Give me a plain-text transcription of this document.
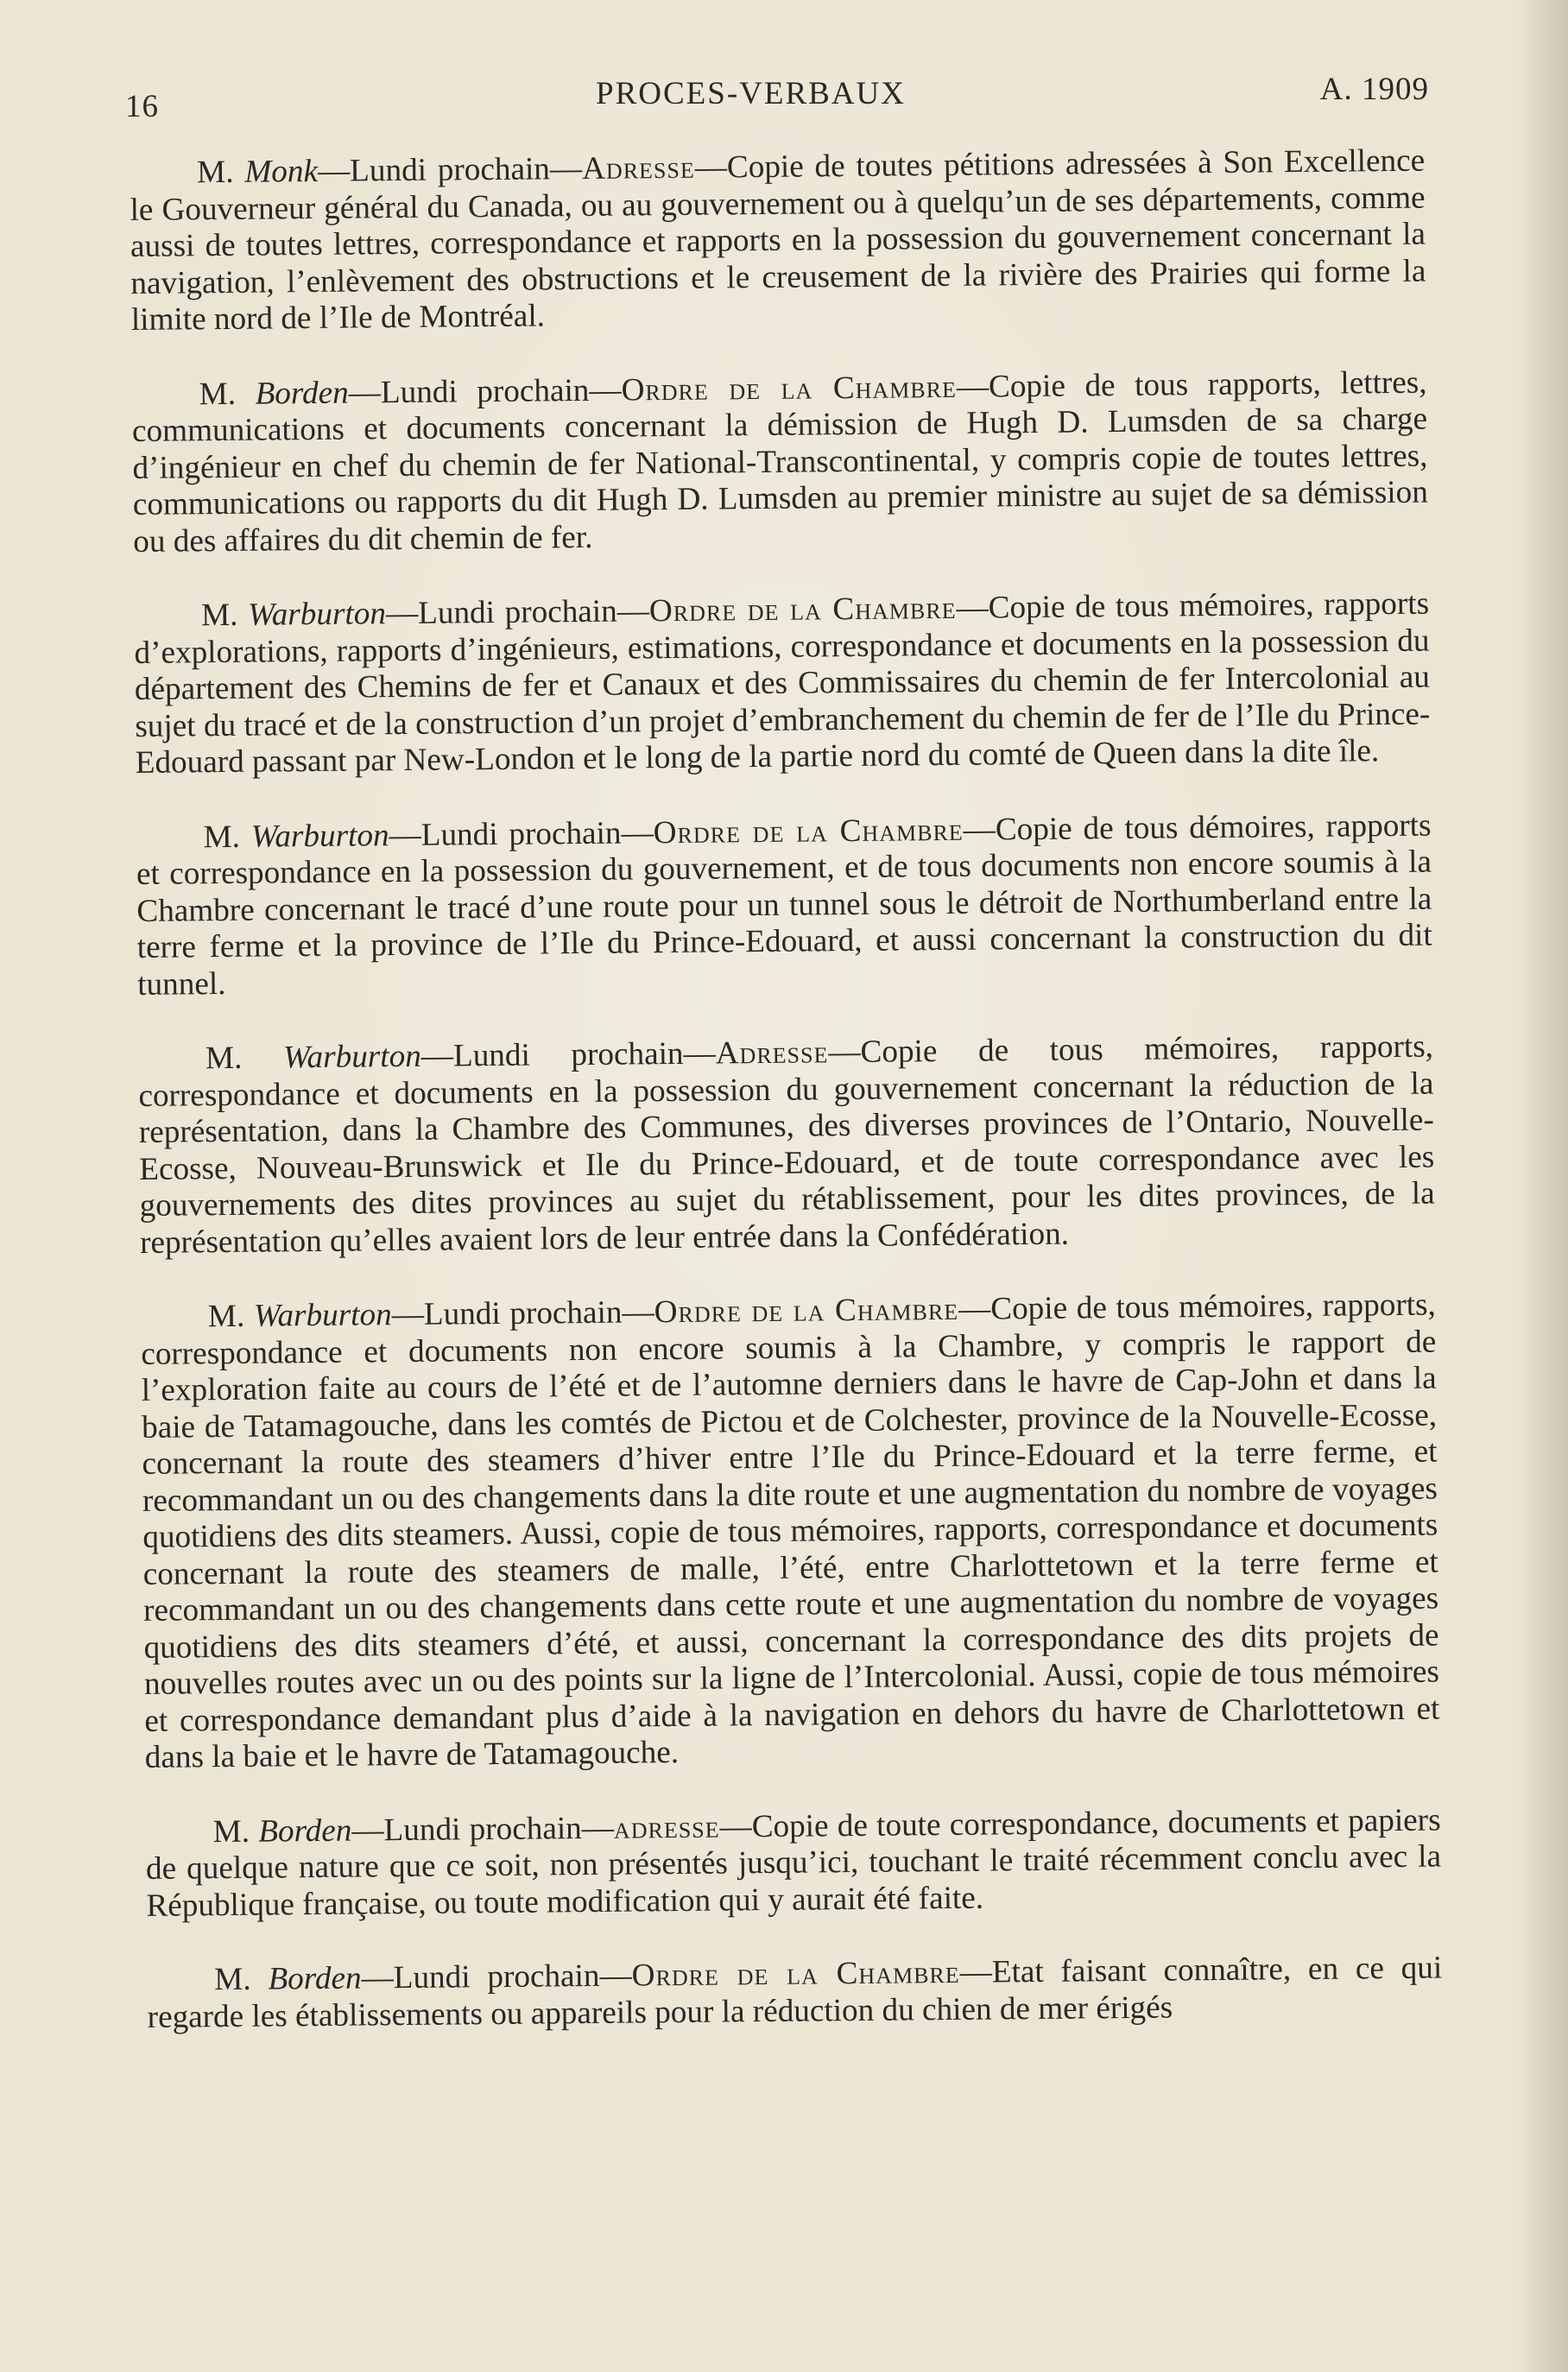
16	PROCES-VERBAUX	A. 1909

M. Monk—Lundi prochain—Adresse—Copie de toutes pétitions adressées à Son Excellence le Gouverneur général du Canada, ou au gouvernement ou à quelqu’un de ses départements, comme aussi de toutes lettres, correspondance et rapports en la possession du gouvernement concernant la navigation, l’enlèvement des obstructions et le creusement de la rivière des Prairies qui forme la limite nord de l’Ile de Montréal.

M. Borden—Lundi prochain—Ordre de la Chambre—Copie de tous rapports, lettres, communications et documents concernant la démission de Hugh D. Lumsden de sa charge d’ingénieur en chef du chemin de fer National-Transcontinental, y compris copie de toutes lettres, communications ou rapports du dit Hugh D. Lumsden au premier ministre au sujet de sa démission ou des affaires du dit chemin de fer.

M. Warburton—Lundi prochain—Ordre de la Chambre—Copie de tous mémoires, rapports d’explorations, rapports d’ingénieurs, estimations, correspondance et documents en la possession du département des Chemins de fer et Canaux et des Commissaires du chemin de fer Intercolonial au sujet du tracé et de la construction d’un projet d’embranchement du chemin de fer de l’Ile du Prince-Edouard passant par New-London et le long de la partie nord du comté de Queen dans la dite île.

M. Warburton—Lundi prochain—Ordre de la Chambre—Copie de tous démoires, rapports et correspondance en la possession du gouvernement, et de tous documents non encore soumis à la Chambre concernant le tracé d’une route pour un tunnel sous le détroit de Northumberland entre la terre ferme et la province de l’Ile du Prince-Edouard, et aussi concernant la construction du dit tunnel.

M. Warburton—Lundi prochain—Adresse—Copie de tous mémoires, rapports, correspondance et documents en la possession du gouvernement concernant la réduction de la représentation, dans la Chambre des Communes, des diverses provinces de l’Ontario, Nouvelle-Ecosse, Nouveau-Brunswick et Ile du Prince-Edouard, et de toute correspondance avec les gouvernements des dites provinces au sujet du rétablissement, pour les dites provinces, de la représentation qu’elles avaient lors de leur entrée dans la Confédération.

M. Warburton—Lundi prochain—Ordre de la Chambre—Copie de tous mémoires, rapports, correspondance et documents non encore soumis à la Chambre, y compris le rapport de l’exploration faite au cours de l’été et de l’automne derniers dans le havre de Cap-John et dans la baie de Tatamagouche, dans les comtés de Pictou et de Colchester, province de la Nouvelle-Ecosse, concernant la route des steamers d’hiver entre l’Ile du Prince-Edouard et la terre ferme, et recommandant un ou des changements dans la dite route et une augmentation du nombre de voyages quotidiens des dits steamers. Aussi, copie de tous mémoires, rapports, correspondance et documents concernant la route des steamers de malle, l’été, entre Charlottetown et la terre ferme et recommandant un ou des changements dans cette route et une augmentation du nombre de voyages quotidiens des dits steamers d’été, et aussi, concernant la correspondance des dits projets de nouvelles routes avec un ou des points sur la ligne de l’Intercolonial. Aussi, copie de tous mémoires et correspondance demandant plus d’aide à la navigation en dehors du havre de Charlottetown et dans la baie et le havre de Tatamagouche.

M. Borden—Lundi prochain—adresse—Copie de toute correspondance, documents et papiers de quelque nature que ce soit, non présentés jusqu’ici, touchant le traité récemment conclu avec la République française, ou toute modification qui y aurait été faite.

M. Borden—Lundi prochain—Ordre de la Chambre—Etat faisant connaître, en ce qui regarde les établissements ou appareils pour la réduction du chien de mer érigés
